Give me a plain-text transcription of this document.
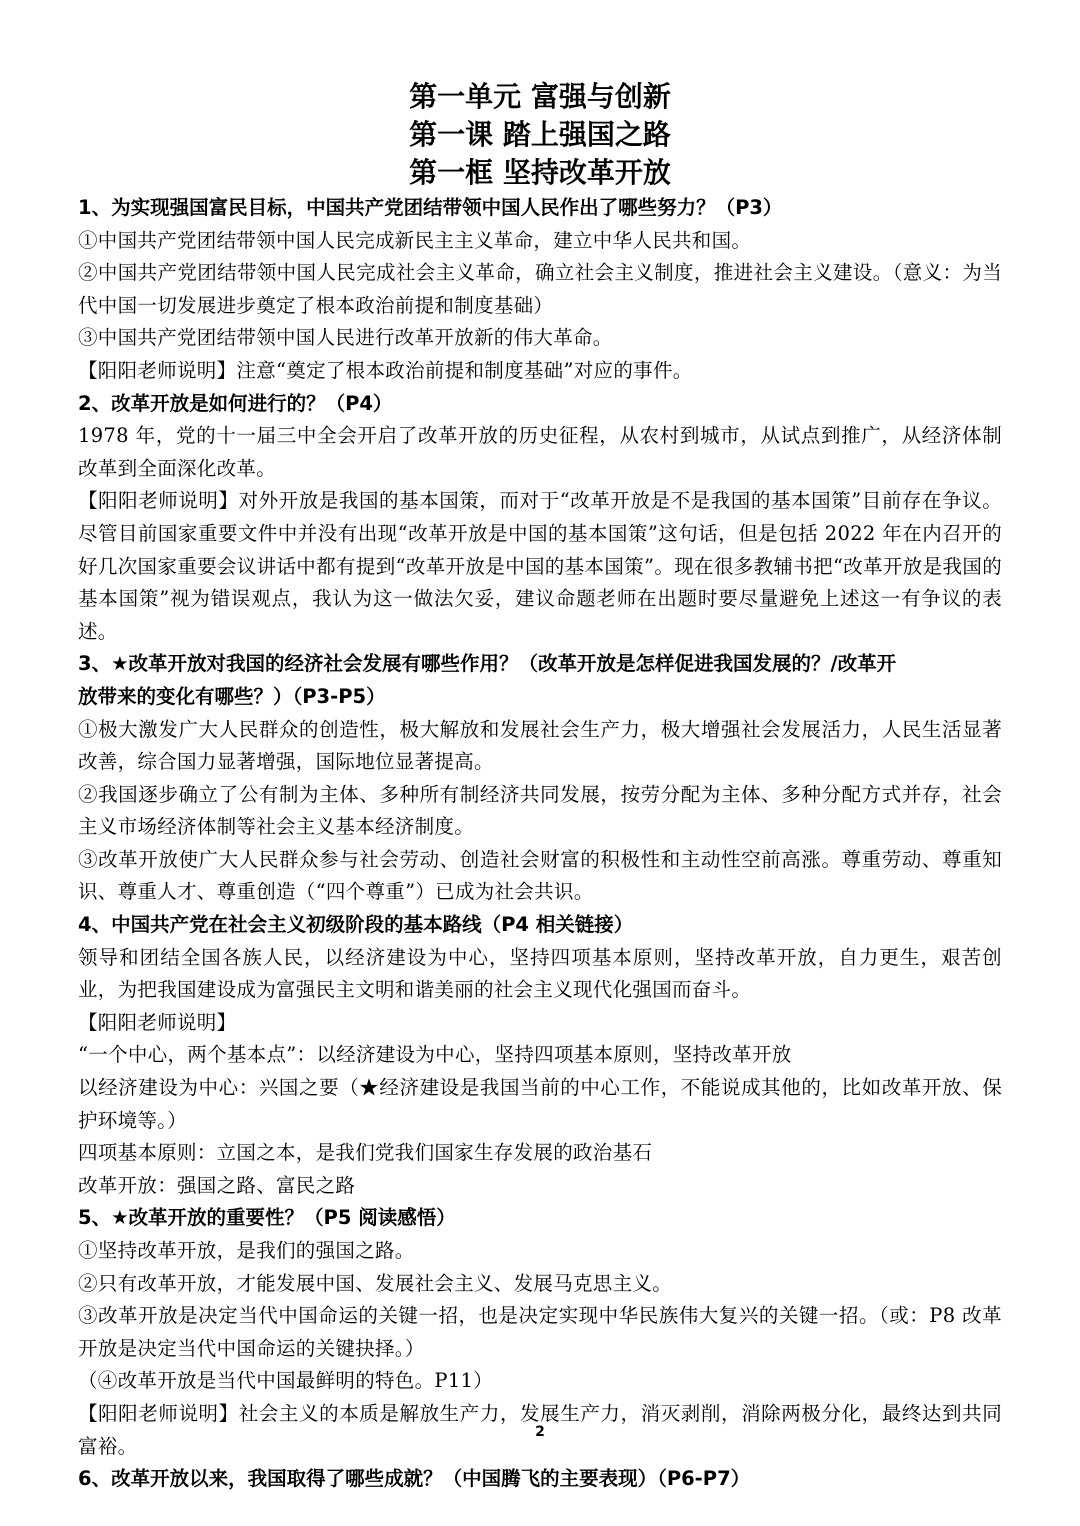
第一单元 富强与创新

第一课 踏上强国之路

第一框 坚持改革开放

1、为实现强国富民目标，中国共产党团结带领中国人民作出了哪些努力？（P3）

①中国共产党团结带领中国人民完成新民主主义革命，建立中华人民共和国。

②中国共产党团结带领中国人民完成社会主义革命，确立社会主义制度，推进社会主义建设。（意义：为当代中国一切发展进步奠定了根本政治前提和制度基础）

③中国共产党团结带领中国人民进行改革开放新的伟大革命。

【阳阳老师说明】注意“奠定了根本政治前提和制度基础”对应的事件。

2、改革开放是如何进行的？（P4）

1978 年，党的十一届三中全会开启了改革开放的历史征程，从农村到城市，从试点到推广，从经济体制改革到全面深化改革。

【阳阳老师说明】对外开放是我国的基本国策，而对于“改革开放是不是我国的基本国策”目前存在争议。尽管目前国家重要文件中并没有出现“改革开放是中国的基本国策”这句话，但是包括 2022 年在内召开的好几次国家重要会议讲话中都有提到“改革开放是中国的基本国策”。现在很多教辅书把“改革开放是我国的基本国策”视为错误观点，我认为这一做法欠妥，建议命题老师在出题时要尽量避免上述这一有争议的表述。

3、★改革开放对我国的经济社会发展有哪些作用？（改革开放是怎样促进我国发展的？/改革开

放带来的变化有哪些？）（P3-P5）

①极大激发广大人民群众的创造性，极大解放和发展社会生产力，极大增强社会发展活力，人民生活显著改善，综合国力显著增强，国际地位显著提高。

②我国逐步确立了公有制为主体、多种所有制经济共同发展，按劳分配为主体、多种分配方式并存，社会主义市场经济体制等社会主义基本经济制度。

③改革开放使广大人民群众参与社会劳动、创造社会财富的积极性和主动性空前高涨。尊重劳动、尊重知识、尊重人才、尊重创造（“四个尊重”）已成为社会共识。

4、中国共产党在社会主义初级阶段的基本路线（P4 相关链接）

领导和团结全国各族人民，以经济建设为中心，坚持四项基本原则，坚持改革开放，自力更生，艰苦创业，为把我国建设成为富强民主文明和谐美丽的社会主义现代化强国而奋斗。

【阳阳老师说明】

“一个中心，两个基本点”：以经济建设为中心，坚持四项基本原则，坚持改革开放

以经济建设为中心：兴国之要（★经济建设是我国当前的中心工作，不能说成其他的，比如改革开放、保护环境等。）

四项基本原则：立国之本，是我们党我们国家生存发展的政治基石

改革开放：强国之路、富民之路

5、★改革开放的重要性？（P5 阅读感悟）

①坚持改革开放，是我们的强国之路。

②只有改革开放，才能发展中国、发展社会主义、发展马克思主义。

③改革开放是决定当代中国命运的关键一招，也是决定实现中华民族伟大复兴的关键一招。（或：P8 改革开放是决定当代中国命运的关键抉择。）

（④改革开放是当代中国最鲜明的特色。P11）

【阳阳老师说明】社会主义的本质是解放生产力，发展生产力，消灭剥削，消除两极分化，最终达到共同富裕。

6、改革开放以来，我国取得了哪些成就？（中国腾飞的主要表现）（P6-P7）

2
